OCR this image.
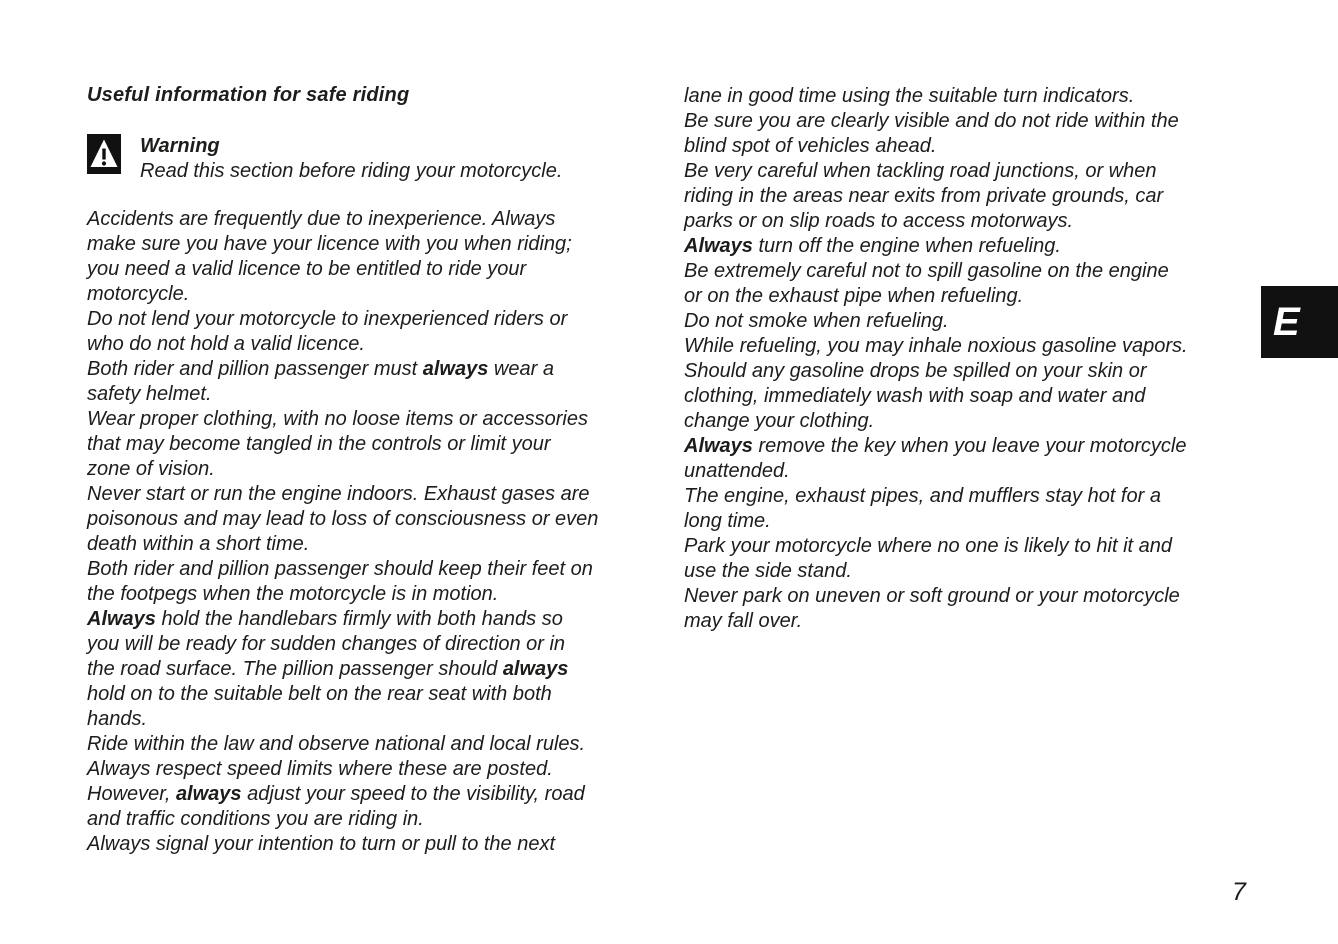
Useful information for safe riding
Warning
Read this section before riding your motorcycle.
Accidents are frequently due to inexperience. Always
make sure you have your licence with you when riding;
you need a valid licence to be entitled to ride your
motorcycle.
Do not lend your motorcycle to inexperienced riders or
who do not hold a valid licence.
Both rider and pillion passenger must always wear a
safety helmet.
Wear proper clothing, with no loose items or accessories
that may become tangled in the controls or limit your
zone of vision.
Never start or run the engine indoors. Exhaust gases are
poisonous and may lead to loss of consciousness or even
death within a short time.
Both rider and pillion passenger should keep their feet on
the footpegs when the motorcycle is in motion.
Always hold the handlebars firmly with both hands so
you will be ready for sudden changes of direction or in
the road surface. The pillion passenger should always
hold on to the suitable belt on the rear seat with both
hands.
Ride within the law and observe national and local rules.
Always respect speed limits where these are posted.
However, always adjust your speed to the visibility, road
and traffic conditions you are riding in.
Always signal your intention to turn or pull to the next
lane in good time using the suitable turn indicators.
Be sure you are clearly visible and do not ride within the
blind spot of vehicles ahead.
Be very careful when tackling road junctions, or when
riding in the areas near exits from private grounds, car
parks or on slip roads to access motorways.
Always turn off the engine when refueling.
Be extremely careful not to spill gasoline on the engine
or on the exhaust pipe when refueling.
Do not smoke when refueling.
While refueling, you may inhale noxious gasoline vapors.
Should any gasoline drops be spilled on your skin or
clothing, immediately wash with soap and water and
change your clothing.
Always remove the key when you leave your motorcycle
unattended.
The engine, exhaust pipes, and mufflers stay hot for a
long time.
Park your motorcycle where no one is likely to hit it and
use the side stand.
Never park on uneven or soft ground or your motorcycle
may fall over.
E
7
